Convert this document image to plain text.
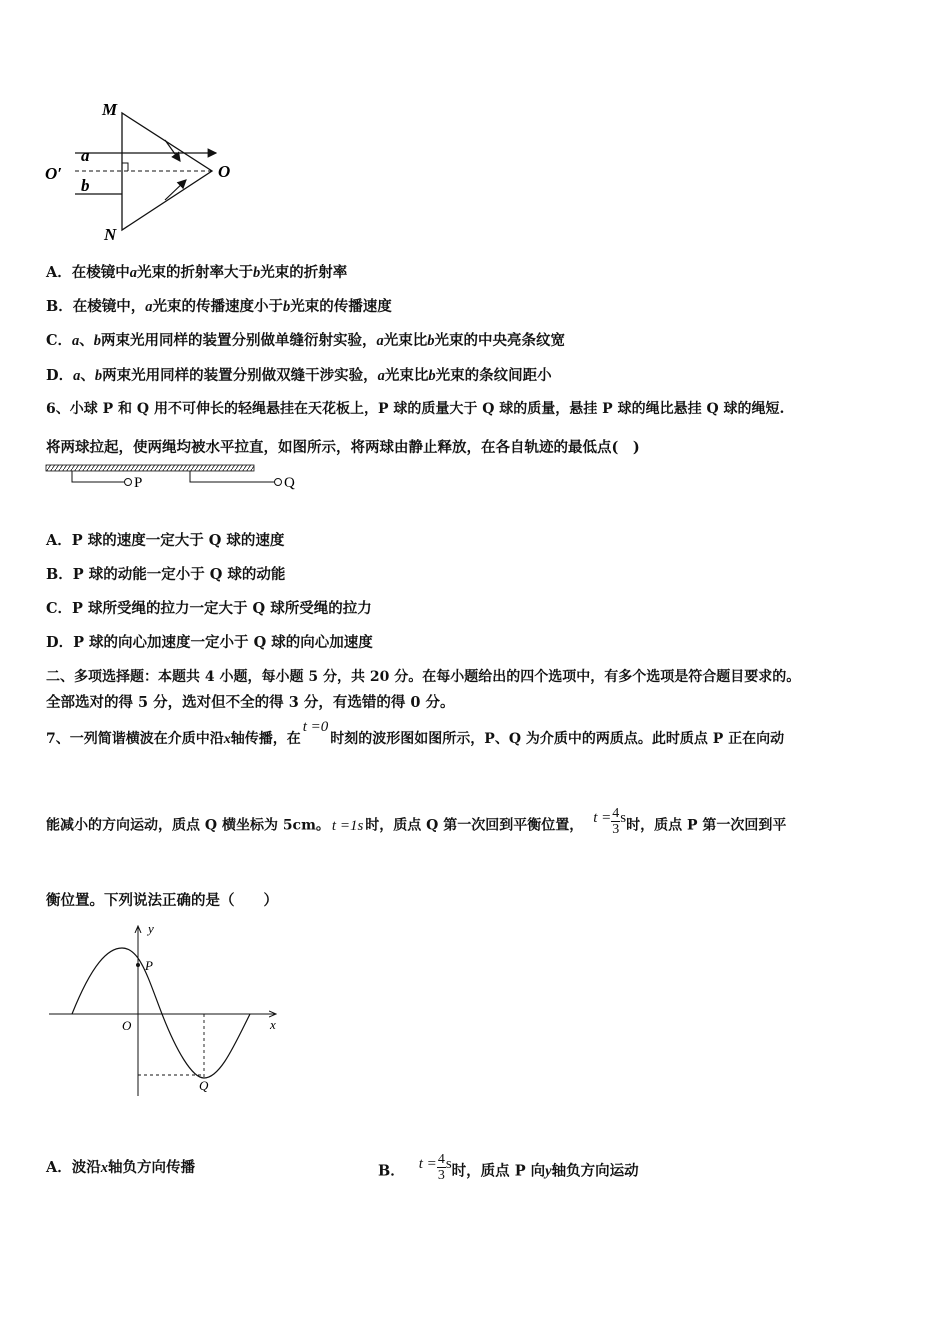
M
N
O′	O
a
b
A．在棱镜中a光束的折射率大于b光束的折射率
B．在棱镜中，a光束的传播速度小于b光束的传播速度
C．a、b两束光用同样的装置分别做单缝衍射实验，a光束比b光束的中央亮条纹宽
D．a、b两束光用同样的装置分别做双缝干涉实验，a光束比b光束的条纹间距小
6、小球 P 和 Q 用不可伸长的轻绳悬挂在天花板上，P 球的质量大于 Q 球的质量，悬挂 P 球的绳比悬挂 Q 球的绳短.
将两球拉起，使两绳均被水平拉直，如图所示，将两球由静止释放，在各自轨迹的最低点(　)
P	Q
A．P 球的速度一定大于 Q 球的速度
B．P 球的动能一定小于 Q 球的动能
C．P 球所受绳的拉力一定大于 Q 球所受绳的拉力
D．P 球的向心加速度一定小于 Q 球的向心加速度
二、多项选择题：本题共 4 小题，每小题 5 分，共 20 分。在每小题给出的四个选项中，有多个选项是符合题目要求的。
全部选对的得 5 分，选对但不全的得 3 分，有选错的得 0 分。
7、一列简谐横波在介质中沿x轴传播，在t =0时刻的波形图如图所示，P、Q 为介质中的两质点。此时质点 P 正在向动
能减小的方向运动，质点 Q 横坐标为 5cm。 t =1s 时，质点 Q 第一次回到平衡位置， $t = \frac{4}{3}$ s时，质点 P 第一次回到平
衡位置。下列说法正确的是（　　）
y
x
O
P
Q
A．波沿x轴负方向传播	B． $t = \frac{4}{3}$ s时，质点 P 向y轴负方向运动
